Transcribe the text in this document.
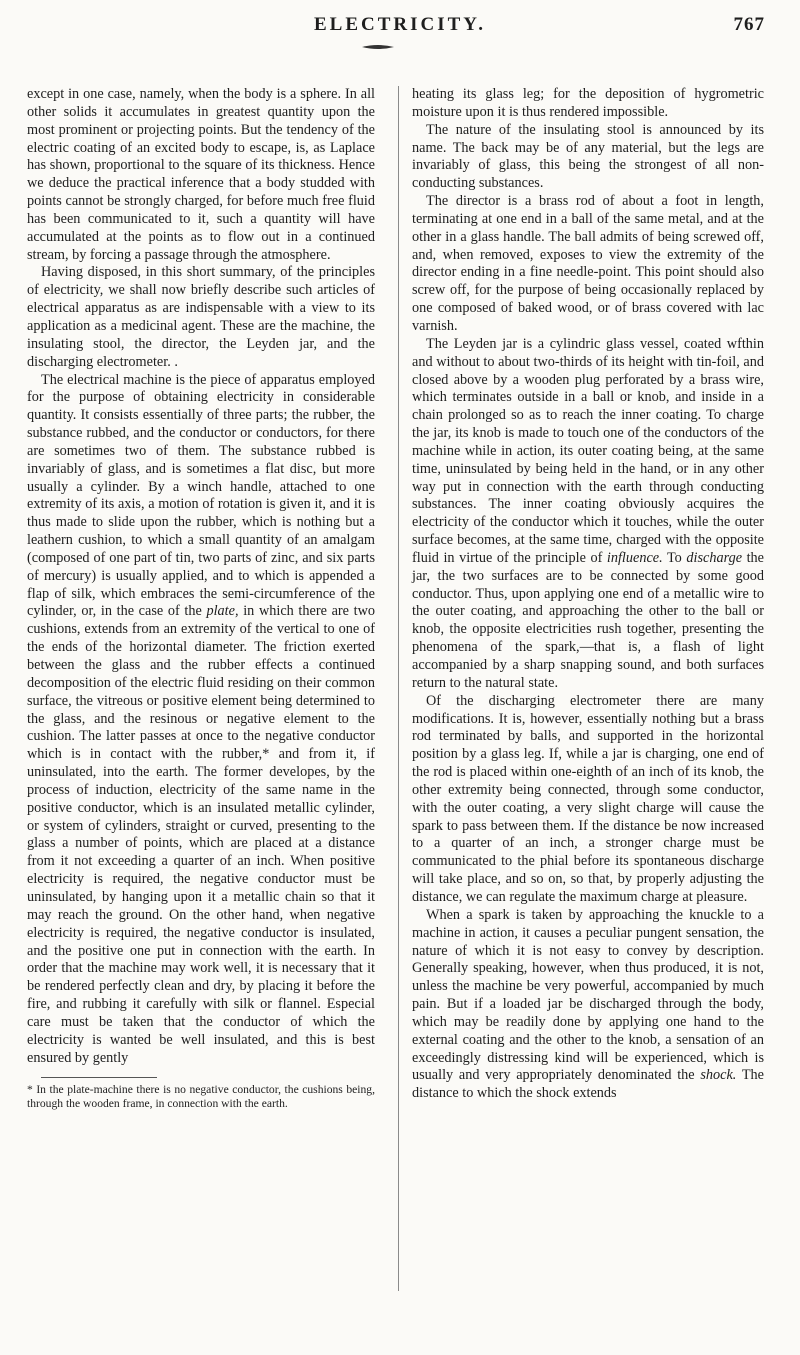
ELECTRICITY.	767

except in one case, namely, when the body is a sphere. In all other solids it accumulates in greatest quantity upon the most prominent or projecting points. But the tendency of the electric coating of an excited body to escape, is, as Laplace has shown, proportional to the square of its thickness. Hence we deduce the practical inference that a body studded with points cannot be strongly charged, for before much free fluid has been communicated to it, such a quantity will have accumulated at the points as to flow out in a continued stream, by forcing a passage through the atmosphere.

Having disposed, in this short summary, of the principles of electricity, we shall now briefly describe such articles of electrical apparatus as are indispensable with a view to its application as a medicinal agent. These are the machine, the insulating stool, the director, the Leyden jar, and the discharging electrometer. .

The electrical machine is the piece of apparatus employed for the purpose of obtaining electricity in considerable quantity. It consists essentially of three parts; the rubber, the substance rubbed, and the conductor or conductors, for there are sometimes two of them. The substance rubbed is invariably of glass, and is sometimes a flat disc, but more usually a cylinder. By a winch handle, attached to one extremity of its axis, a motion of rotation is given it, and it is thus made to slide upon the rubber, which is nothing but a leathern cushion, to which a small quantity of an amalgam (composed of one part of tin, two parts of zinc, and six parts of mercury) is usually applied, and to which is appended a flap of silk, which embraces the semi-circumference of the cylinder, or, in the case of the plate, in which there are two cushions, extends from an extremity of the vertical to one of the ends of the horizontal diameter. The friction exerted between the glass and the rubber effects a continued decomposition of the electric fluid residing on their common surface, the vitreous or positive element being determined to the glass, and the resinous or negative element to the cushion. The latter passes at once to the negative conductor which is in contact with the rubber,* and from it, if uninsulated, into the earth. The former developes, by the process of induction, electricity of the same name in the positive conductor, which is an insulated metallic cylinder, or system of cylinders, straight or curved, presenting to the glass a number of points, which are placed at a distance from it not exceeding a quarter of an inch. When positive electricity is required, the negative conductor must be uninsulated, by hanging upon it a metallic chain so that it may reach the ground. On the other hand, when negative electricity is required, the negative conductor is insulated, and the positive one put in connection with the earth. In order that the machine may work well, it is necessary that it be rendered perfectly clean and dry, by placing it before the fire, and rubbing it carefully with silk or flannel. Especial care must be taken that the conductor of which the electricity is wanted be well insulated, and this is best ensured by gently

* In the plate-machine there is no negative conductor, the cushions being, through the wooden frame, in connection with the earth.

heating its glass leg; for the deposition of hygrometric moisture upon it is thus rendered impossible.

The nature of the insulating stool is announced by its name. The back may be of any material, but the legs are invariably of glass, this being the strongest of all non-conducting substances.

The director is a brass rod of about a foot in length, terminating at one end in a ball of the same metal, and at the other in a glass handle. The ball admits of being screwed off, and, when removed, exposes to view the extremity of the director ending in a fine needle-point. This point should also screw off, for the purpose of being occasionally replaced by one composed of baked wood, or of brass covered with lac varnish.

The Leyden jar is a cylindric glass vessel, coated wfthin and without to about two-thirds of its height with tin-foil, and closed above by a wooden plug perforated by a brass wire, which terminates outside in a ball or knob, and inside in a chain prolonged so as to reach the inner coating. To charge the jar, its knob is made to touch one of the conductors of the machine while in action, its outer coating being, at the same time, uninsulated by being held in the hand, or in any other way put in connection with the earth through conducting substances. The inner coating obviously acquires the electricity of the conductor which it touches, while the outer surface becomes, at the same time, charged with the opposite fluid in virtue of the principle of influence. To discharge the jar, the two surfaces are to be connected by some good conductor. Thus, upon applying one end of a metallic wire to the outer coating, and approaching the other to the ball or knob, the opposite electricities rush together, presenting the phenomena of the spark,—that is, a flash of light accompanied by a sharp snapping sound, and both surfaces return to the natural state.

Of the discharging electrometer there are many modifications. It is, however, essentially nothing but a brass rod terminated by balls, and supported in the horizontal position by a glass leg. If, while a jar is charging, one end of the rod is placed within one-eighth of an inch of its knob, the other extremity being connected, through some conductor, with the outer coating, a very slight charge will cause the spark to pass between them. If the distance be now increased to a quarter of an inch, a stronger charge must be communicated to the phial before its spontaneous discharge will take place, and so on, so that, by properly adjusting the distance, we can regulate the maximum charge at pleasure.

When a spark is taken by approaching the knuckle to a machine in action, it causes a peculiar pungent sensation, the nature of which it is not easy to convey by description. Generally speaking, however, when thus produced, it is not, unless the machine be very powerful, accompanied by much pain. But if a loaded jar be discharged through the body, which may be readily done by applying one hand to the external coating and the other to the knob, a sensation of an exceedingly distressing kind will be experienced, which is usually and very appropriately denominated the shock. The distance to which the shock extends
